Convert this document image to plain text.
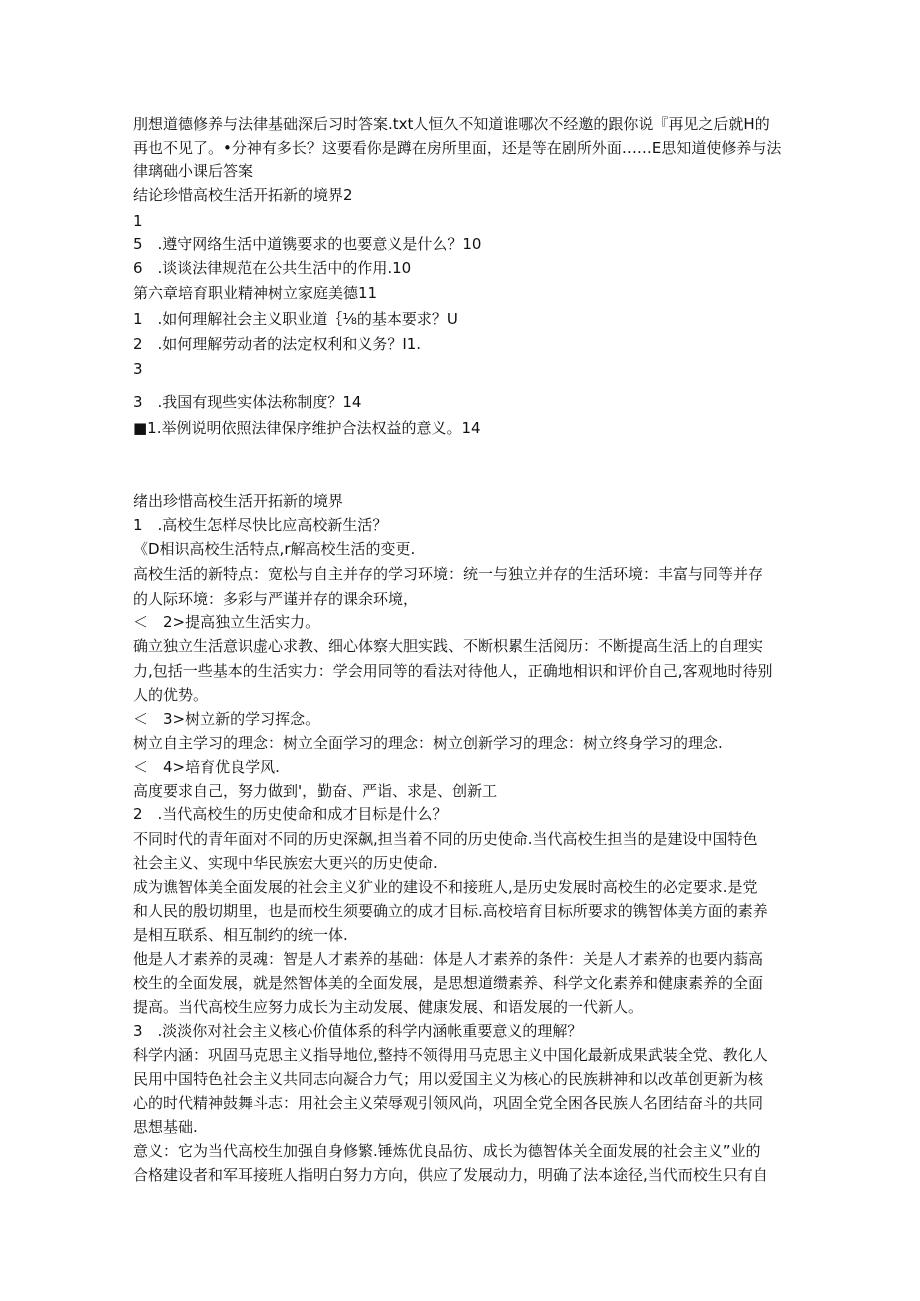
刖想道德修养与法律基础深后习时答案.txt人恒久不知道谁哪次不经邀的跟你说『再见之后就H的
再也不见了。•分神有多长？这要看你是蹲在房所里面，还是等在剧所外面……E思知道使修养与法
律璃础小课后答案
结论珍惜高校生活开拓新的境界2
1
5　.遵守网络生活中道镌要求的也要意义是什么？10
6　.谈谈法律规范在公共生活中的作用.10
第六章培育职业精神树立家庭美德11
1　.如何理解社会主义职业道｛⅛的基本要求？U
2　.如何理解劳动者的法定权利和义务？I1.
3
3　.我国有现些实体法称制度？14
■1.举例说明依照法律保序维护合法权益的意义。14
绪出珍惜高校生活开拓新的境界
1　.高校生怎样尽快比应高校新生活？
《D相识高校生活特点,r解高校生活的变更.
高校生活的新特点：宽松与自主并存的学习环境：统一与独立并存的生活环境：丰富与同等并存
的人际环境：多彩与严谨并存的课余环境，
＜　2>提高独立生活实力。
确立独立生活意识虚心求教、细心体察大胆实践、不断枳累生活阅历：不断提高生活上的自理实
力,包括一些基本的生活实力：学会用同等的看法对待他人，正确地相识和评价自己,客观地时待别
人的优势。
＜　3>树立新的学习挥念。
树立自主学习的理念：树立全面学习的理念：树立创新学习的理念：树立终身学习的理念.
＜　4>培育优良学风.
高度要求自己，努力做到'，勤奋、严诣、求是、创新工
2　.当代高校生的历史使命和成才目标是什么？
不同时代的青年面对不同的历史深飙,担当着不同的历史使命.当代高校生担当的是建设中国特色
社会主义、实现中华民族宏大更兴的历史使命.
成为谯智体美全面发展的社会主义犷业的建设不和接班人,是历史发展时高校生的必定要求.是党
和人民的殷切期里，也是而校生须要确立的成才目标.高校培育目标所要求的镌智体美方面的素养
是相互联系、相互制约的统一体.
他是人才素养的灵魂：智是人才素养的基础：体是人才素养的条件：关是人才素养的也要内蓊高
校生的全面发展，就是然智体美的全面发展，是思想道缵素养、科学文化素养和健康素养的全面
提高。当代高校生应努力成长为主动发展、健康发展、和语发展的一代新人。
3　.淡淡你对社会主义核心价值体系的科学内涵帐重要意义的理解？
科学内涵：巩固马克思主义指导地位,整持不领得用马克思主义中国化最新成果武装全党、教化人
民用中国特色社会主义共同志向凝合力气；用以爱国主义为核心的民族耕神和以改革创更新为核
心的时代精神鼓舞斗志：用社会主义荣辱观引领风尚，巩固全党全困各民族人名团结奋斗的共同
思想基础.
意义：它为当代高校生加强自身修繁.锤炼优良品彷、成长为德智体关全面发展的社会主义”业的
合格建设者和军耳接班人指明白努力方向，供应了发展动力，明确了法本途径,当代而校生只有自
